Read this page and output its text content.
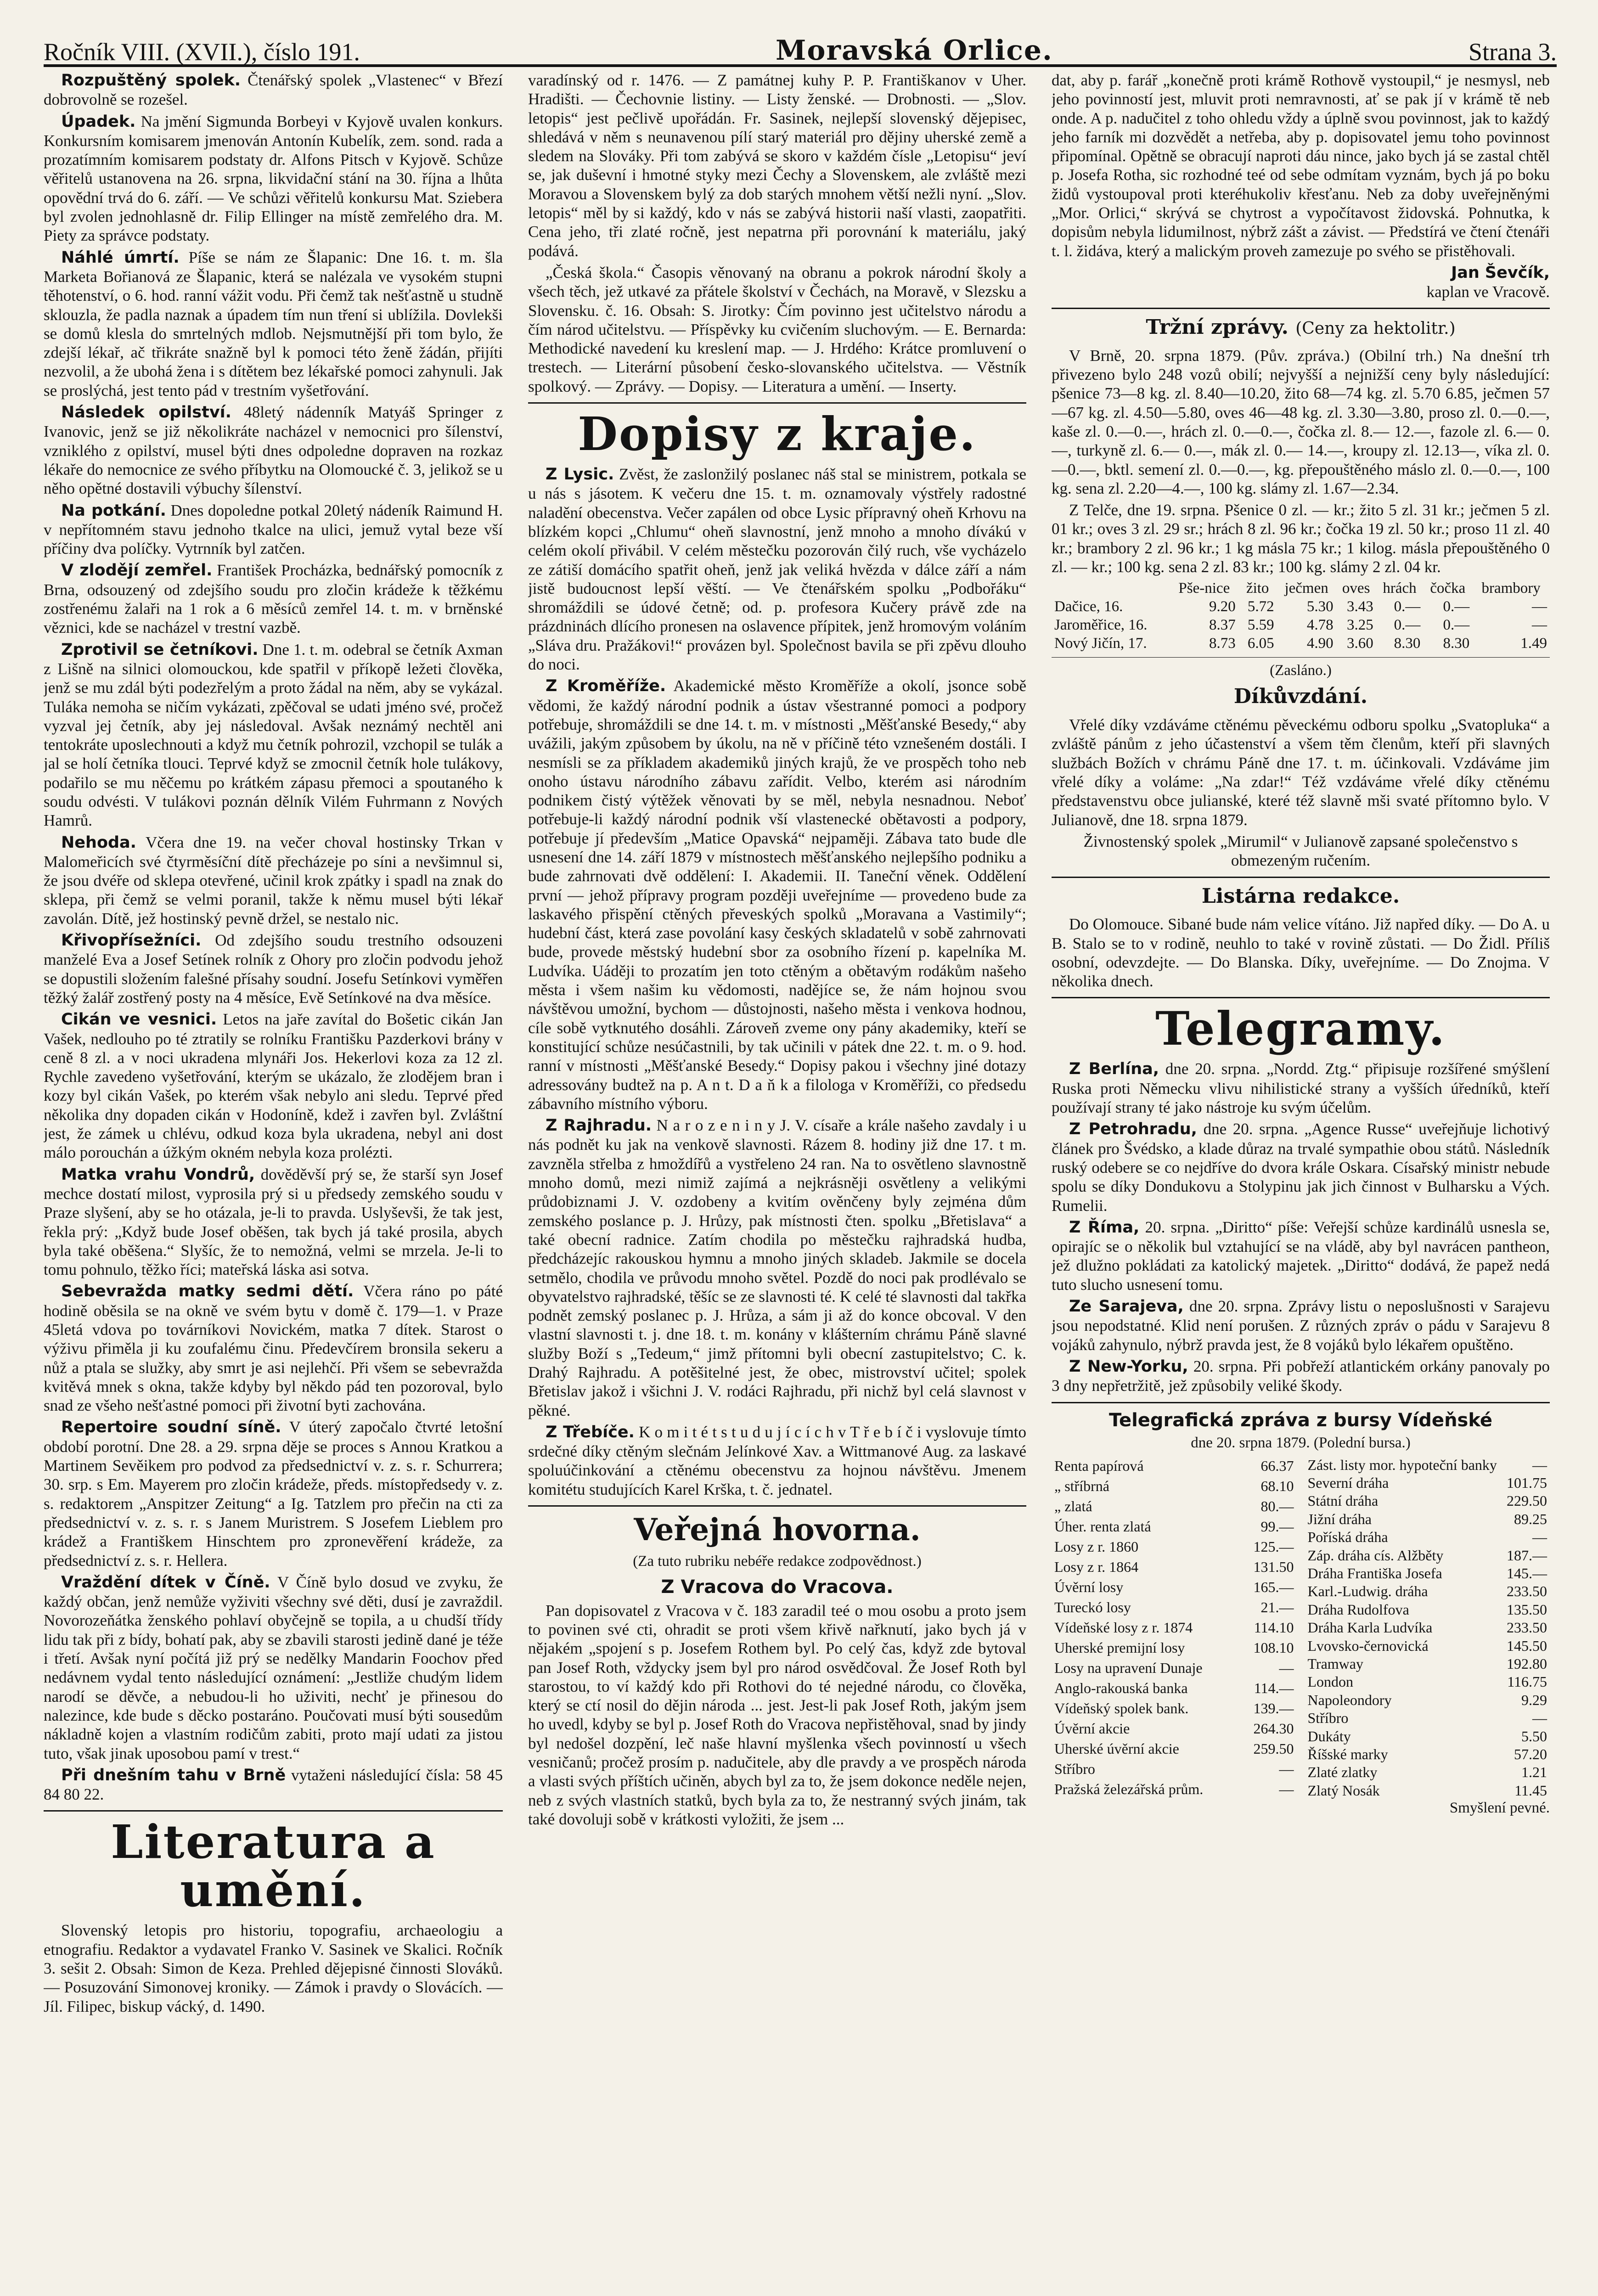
Ročník VIII. (XVII.), číslo 191.	Moravská Orlice.	Strana 3.

Rozpuštěný spolek. Čtenářský spolek „Vlastenec“ v Březí dobrovolně se rozešel.

Úpadek. Na jmění Sigmunda Borbeyi v Kyjově uvalen konkurs. Konkursním komisarem jmenován Antonín Kubelík, zem. sond. rada a prozatímním komisarem podstaty dr. Alfons Pitsch v Kyjově. Schůze věřitelů ustanovena na 26. srpna, likvidační stání na 30. října a lhůta opovědní trvá do 6. září. — Ve schůzi věřitelů konkursu Mat. Sziebera byl zvolen jednohlasně dr. Filip Ellinger na místě zemřelého dra. M. Piety za správce podstaty.

Náhlé úmrtí. Píše se nám ze Šlapanic: Dne 16. t. m. šla Marketa Bořianová ze Šlapanic, která se nalézala ve vysokém stupni těhotenství, o 6. hod. ranní vážit vodu. Při čemž tak nešťastně u studně sklouzla, že padla naznak a úpadem tím nun tření si ublížila. Dovlekši se domů klesla do smrtelných mdlob. Nejsmutnější při tom bylo, že zdejší lékař, ač třikráte snažně byl k pomoci této ženě žádán, přijíti nezvolil, a že ubohá žena i s dítětem bez lékařské pomoci zahynuli. Jak se proslýchá, jest tento pád v trestním vyšetřování.

Následek opilství. 48letý nádenník Matyáš Springer z Ivanovic, jenž se již několikráte nacházel v nemocnici pro šílenství, vzniklého z opilství, musel býti dnes odpoledne dopraven na rozkaz lékaře do nemocnice ze svého příbytku na Olomoucké č. 3, jelikož se u něho opětné dostavili výbuchy šílenství.

Na potkání. Dnes dopoledne potkal 20letý nádeník Raimund H. v nepřítomném stavu jednoho tkalce na ulici, jemuž vytal beze vší příčiny dva políčky. Vytrnník byl zatčen.

V zlodějí zemřel. František Procházka, bednářský pomocník z Brna, odsouzený od zdejšího soudu pro zločin krádeže k těžkému zostřenému žalaři na 1 rok a 6 měsíců zemřel 14. t. m. v brněnské věznici, kde se nacházel v trestní vazbě.

Zprotivil se četníkovi. Dne 1. t. m. odebral se četník Axman z Lišně na silnici olomouckou, kde spatřil v příkopě ležeti člověka, jenž se mu zdál býti podezřelým a proto žádal na něm, aby se vykázal. Tuláka nemoha se ničím vykázati, zpěčoval se udati jméno své, pročež vyzval jej četník, aby jej následoval. Avšak neznámý nechtěl ani tentokráte uposlechnouti a když mu četník pohrozil, vzchopil se tulák a jal se holí četníka tlouci. Teprvé když se zmocnil četník hole tulákovy, podařilo se mu něčemu po krátkém zápasu přemoci a spoutaného k soudu odvésti. V tulákovi poznán dělník Vilém Fuhrmann z Nových Hamrů.

Nehoda. Včera dne 19. na večer choval hostinsky Trkan v Malomeřicích své čtyrměsíční dítě přecházeje po síni a nevšimnul si, že jsou dvéře od sklepa otevřené, učinil krok zpátky i spadl na znak do sklepa, při čemž se velmi poranil, takže k němu musel býti lékař zavolán. Dítě, jež hostinský pevně držel, se nestalo nic.

Křivopřísežníci. Od zdejšího soudu trestního odsouzeni manželé Eva a Josef Setínek rolník z Ohory pro zločin podvodu jehož se dopustili složením falešné přísahy soudní. Josefu Setínkovi vyměřen těžký žalář zostřený posty na 4 měsíce, Evě Setínkové na dva měsíce.

Cikán ve vesnici. Letos na jaře zavítal do Bošetic cikán Jan Vašek, nedlouho po té ztratily se rolníku Františku Pazderkovi brány v ceně 8 zl. a v noci ukradena mlynáři Jos. Hekerlovi koza za 12 zl. Rychle zavedeno vyšetřování, kterým se ukázalo, že zlodějem bran i kozy byl cikán Vašek, po kterém však nebylo ani sledu. Teprvé před několika dny dopaden cikán v Hodoníně, kdež i zavřen byl. Zvláštní jest, že zámek u chlévu, odkud koza byla ukradena, nebyl ani dost málo porouchán a úžkým okném nebyla koza prolézti.

Matka vrahu Vondrů, dověděvší prý se, že starší syn Josef mechce dostatí milost, vyprosila prý si u předsedy zemského soudu v Praze slyšení, aby se ho otázala, je-li to pravda. Uslyševši, že tak jest, řekla prý: „Když bude Josef oběšen, tak bych já také prosila, abych byla také oběšena.“ Slyšíc, že to nemožná, velmi se mrzela. Je-li to tomu pohnulo, těžko říci; mateřská láska asi sotva.

Sebevražda matky sedmi dětí. Včera ráno po páté hodině oběsila se na okně ve svém bytu v domě č. 179—1. v Praze 45letá vdova po továrníkovi Novickém, matka 7 dítek. Starost o výživu přiměla ji ku zoufalému činu. Předevčírem bronsila sekeru a nůž a ptala se služky, aby smrt je asi nejlehčí. Při všem se sebevražda kvitěvá mnek s okna, takže kdyby byl někdo pád ten pozoroval, bylo snad ze všeho nešťastné pomoci při životní byti zachována.

Repertoire soudní síně. V úterý započalo čtvrté letošní období porotní. Dne 28. a 29. srpna děje se proces s Annou Kratkou a Martinem Sevěikem pro podvod za předsednictví v. z. s. r. Schurrera; 30. srp. s Em. Mayerem pro zločin krádeže, předs. místopředsedy v. z. s. redaktorem „Anspitzer Zeitung“ a Ig. Tatzlem pro přečin na cti za předsednictví v. z. s. r. s Janem Muristrem. S Josefem Lieblem pro krádež a Františkem Hinschtem pro zpronevěření krádeže, za předsednictví z. s. r. Hellera.

Vraždění dítek v Číně. V Číně bylo dosud ve zvyku, že každý občan, jenž nemůže vyživiti všechny své děti, dusí je zavraždil. Novorozeňátka ženského pohlaví obyčejně se topila, a u chudší třídy lidu tak při z bídy, bohatí pak, aby se zbavili starosti jedině dané je téže i třetí. Avšak nyní počítá již prý se nedělky Mandarin Foochov před nedávnem vydal tento následující oznámení: „Jestliže chudým lidem narodí se děvče, a nebudou-li ho uživiti, nechť je přinesou do nalezince, kde bude s děcko postaráno. Poučovati musí býti sousedům nákladně kojen a vlastním rodičům zabiti, proto mají udati za jistou tuto, však jinak uposobou pamí v trest.“

Při dnešním tahu v Brně vytaženi následující čísla: 58 45 84 80 22.

Literatura a umění.

Slovenský letopis pro historiu, topografiu, archaeologiu a etnografiu. Redaktor a vydavatel Franko V. Sasinek ve Skalici. Ročník 3. sešit 2. Obsah: Simon de Keza. Prehled dějepisné činnosti Slováků. — Posuzování Simonovej kroniky. — Zámok i pravdy o Slovácích. — Jíl. Filipec, biskup vácký, d. 1490.

varadínský od r. 1476. — Z památnej kuhy P. P. Františkanov v Uher. Hradišti. — Čechovnie listiny. — Listy ženské. — Drobnosti. — „Slov. letopis“ jest pečlivě upořádán. Fr. Sasinek, nejlepší slovenský dějepisec, shledává v něm s neunavenou pílí starý materiál pro dějiny uherské země a sledem na Slováky. Při tom zabývá se skoro v každém čísle „Letopisu“ jeví se, jak duševní i hmotné styky mezi Čechy a Slovenskem, ale zvláště mezi Moravou a Slovenskem bylý za dob starých mnohem větší nežli nyní. „Slov. letopis“ měl by si každý, kdo v nás se zabývá historii naší vlasti, zaopatřiti. Cena jeho, tři zlaté ročně, jest nepatrna při porovnání k materiálu, jaký podává.

„Česká škola.“ Časopis věnovaný na obranu a pokrok národní školy a všech těch, jež utkavé za přátele školství v Čechách, na Moravě, v Slezsku a Slovensku. č. 16. Obsah: S. Jirotky: Čím povinno jest učitelstvo národu a čím národ učitelstvu. — Příspěvky ku cvičením sluchovým. — E. Bernarda: Methodické navedení ku kreslení map. — J. Hrdého: Krátce promluvení o trestech. — Literární působení česko-slovanského učitelstva. — Věstník spolkový. — Zprávy. — Dopisy. — Literatura a umění. — Inserty.

Dopisy z kraje.

Z Lysic. Zvěst, že zaslonžilý poslanec náš stal se ministrem, potkala se u nás s jásotem. K večeru dne 15. t. m. oznamovaly výstřely radostné naladění obecenstva. Večer zapálen od obce Lysic přípravný oheň Krhovu na blízkém kopci „Chlumu“ oheň slavnostní, jenž mnoho a mnoho dívákú v celém okolí přivábil. V celém městečku pozorován čilý ruch, vše vycházelo ze zátiší domácího spatřit oheň, jenž jak veliká hvězda v dálce září a nám jistě budoucnost lepší věští. — Ve čtenářském spolku „Podbořáku“ shromáždili se údové četně; od. p. profesora Kučery právě zde na prázdninách dlícího pronesen na oslavence přípitek, jenž hromovým voláním „Sláva dru. Pražákovi!“ provázen byl. Společnost bavila se při zpěvu dlouho do noci.

Z Kroměříže. Akademické město Kroměříže a okolí, jsonce sobě vědomi, že každý národní podnik a ústav všestranné pomoci a podpory potřebuje, shromáždili se dne 14. t. m. v místnosti „Měšťanské Besedy,“ aby uvážili, jakým způsobem by úkolu, na ně v příčině této vznešeném dostáli. I nesmísli se za příkladem akademiků jiných krajů, že ve prospěch toho neb onoho ústavu národního zábavu zařídit. Velbo, kterém asi národním podnikem čistý výtěžek věnovati by se měl, nebyla nesnadnou. Neboť potřebuje-li každý národní podnik vší vlastenecké obětavosti a podpory, potřebuje jí především „Matice Opavská“ nejpaměji. Zábava tato bude dle usnesení dne 14. září 1879 v místnostech měšťanského nejlepšího podniku a bude zahrnovati dvě oddělení: I. Akademii. II. Taneční věnek. Oddělení první — jehož přípravy program později uveřejníme — provedeno bude za laskavého přispění ctěných převeských spolků „Moravana a Vastimily“; hudební část, která zase povolání kasy českých skladatelů v sobě zahrnovati bude, provede městský hudební sbor za osobního řízení p. kapelníka M. Ludvíka. Uáději to prozatím jen toto ctěným a obětavým rodákům našeho města i všem našim ku vědomosti, nadějíce se, že nám hojnou svou návštěvou umožní, bychom — důstojnosti, našeho města i venkova hodnou, cíle sobě vytknutého dosáhli. Zároveň zveme ony pány akademiky, kteří se konstitující schůze nesúčastnili, by tak učinili v pátek dne 22. t. m. o 9. hod. ranní v místnosti „Měšťanské Besedy.“ Dopisy pakou i všechny jiné dotazy adressovány budtež na p. A n t. D a ň k a filologa v Kroměříži, co předsedu zábavního místního výboru.

Z Rajhradu. N a r o z e n i n y J. V. císaře a krále našeho zavdaly i u nás podnět ku jak na venkově slavnosti. Rázem 8. hodiny již dne 17. t m. zavzněla střelba z hmoždířů a vystřeleno 24 ran. Na to osvětleno slavnostně mnoho domů, mezi nimiž zajímá a nejkrásněji osvětleny a velikými průdobiznami J. V. ozdobeny a kvitím ověnčeny byly zejména dům zemského poslance p. J. Hrůzy, pak místnosti čten. spolku „Břetislava“ a také obecní radnice. Zatím chodila po městečku rajhradská hudba, předcházejíc rakouskou hymnu a mnoho jiných skladeb. Jakmile se docela setmělo, chodila ve průvodu mnoho světel. Pozdě do noci pak prodlévalo se obyvatelstvo rajhradské, těšíc se ze slavnosti té. K celé té slavnosti dal takřka podnět zemský poslanec p. J. Hrůza, a sám ji až do konce obcoval. V den vlastní slavnosti t. j. dne 18. t. m. konány v klášterním chrámu Páně slavné služby Boží s „Tedeum,“ jimž přítomni byli obecní zastupitelstvo; C. k. Drahý Rajhradu. A potěšitelné jest, že obec, mistrovství učitel; spolek Břetislav jakož i všichni J. V. rodáci Rajhradu, při nichž byl celá slavnost v pěkné.

Z Třebíče. K o m i t é t s t u d u j í c í c h v T ř e b í č i vyslovuje tímto srdečné díky ctěným slečnám Jelínkové Xav. a Wittmanové Aug. za laskavé spoluúčinkování a ctěnému obecenstvu za hojnou návštěvu. Jmenem komitétu studujících Karel Krška, t. č. jednatel.

Veřejná hovorna.
(Za tuto rubriku nebéře redakce zodpovědnost.)
Z Vracova do Vracova.

Pan dopisovatel z Vracova v č. 183 zaradil teé o mou osobu a proto jsem to povinen své cti, ohradit se proti všem křivě nařknutí, jako bych já v nějakém „spojení s p. Josefem Rothem byl. Po celý čas, když zde bytoval pan Josef Roth, vždycky jsem byl pro národ osvědčoval. Že Josef Roth byl starostou, to ví každý kdo při Rothovi do té nejedné národu, co člověka, který se ctí nosil do dějin národa ... jest. Jest-li pak Josef Roth, jakým jsem ho uvedl, kdyby se byl p. Josef Roth do Vracova nepřistěhoval, snad by jindy byl nedošel dozpění, leč naše hlavní myšlenka všech povinností u všech vesničanů; pročež prosím p. nadučitele, aby dle pravdy a ve prospěch národa a vlasti svých příštích učiněn, abych byl za to, že jsem dokonce neděle nejen, neb z svých vlastních statků, bych byla za to, že nestranný svých jinám, tak také dovoluji sobě v krátkosti vyložiti, že jsem ...

dat, aby p. farář „konečně proti krámě Rothově vystoupil,“ je nesmysl, neb jeho povinností jest, mluvit proti nemravnosti, ať se pak jí v krámě tě neb onde. A p. nadučitel z toho ohledu vždy a úplně svou povinnost, jak to každý jeho farník mi dozvědět a netřeba, aby p. dopisovatel jemu toho povinnost připomínal. Opětně se obracují naproti dáu nince, jako bych já se zastal chtěl p. Josefa Rotha, sic rozhodné teé od sebe odmítam vyznám, bych já po boku židů vystoupoval proti kteréhukoliv křesťanu. Neb za doby uveřejněnými „Mor. Orlici,“ skrývá se chytrost a vypočítavost židovská. Pohnutka, k dopisům nebyla lidumilnost, nýbrž zášt a závist. — Předstírá ve čtení čtenáři t. l. židáva, který a malickým proveh zamezuje po svého se přistěhovali.

Jan Ševčík,
kaplan ve Vracově.
Tržní zprávy. (Ceny za hektolitr.)

V Brně, 20. srpna 1879. (Pův. zpráva.) (Obilní trh.) Na dnešní trh přivezeno bylo 248 vozů obilí; nejvyšší a nejnižší ceny byly následující: pšenice 73—8 kg. zl. 8.40—10.20, žito 68—74 kg. zl. 5.70 6.85, ječmen 57—67 kg. zl. 4.50—5.80, oves 46—48 kg. zl. 3.30—3.80, proso zl. 0.—0.—, kaše zl. 0.—0.—, hrách zl. 0.—0.—, čočka zl. 8.— 12.—, fazole zl. 6.— 0.—, turkyně zl. 6.— 0.—, mák zl. 0.— 14.—, kroupy zl. 12.13—, víka zl. 0.—0.—, bktl. semení zl. 0.—0.—, kg. přepouštěného máslo zl. 0.—0.—, 100 kg. sena zl. 2.20—4.—, 100 kg. slámy zl. 1.67—2.34.

Z Telče, dne 19. srpna. Pšenice 0 zl. — kr.; žito 5 zl. 31 kr.; ječmen 5 zl. 01 kr.; oves 3 zl. 29 sr.; hrách 8 zl. 96 kr.; čočka 19 zl. 50 kr.; proso 11 zl. 40 kr.; brambory 2 zl. 96 kr.; 1 kg másla 75 kr.; 1 kilog. másla přepouštěného 0 zl. — kr.; 100 kg. sena 2 zl. 83 kr.; 100 kg. slámy 2 zl. 04 kr.

	Pše-nice	žito	ječmen	oves	hrách	čočka	brambory
Dačice, 16.	9.20	5.72	5.30	3.43	0.—	0.—	—
Jaroměřice, 16.	8.37	5.59	4.78	3.25	0.—	0.—	—
Nový Jičín, 17.	8.73	6.05	4.90	3.60	8.30	8.30	1.49
(Zasláno.)
Díkůvzdání.

Vřelé díky vzdáváme ctěnému pěveckému odboru spolku „Svatopluka“ a zvláště pánům z jeho účastenství a všem těm členům, kteří při slavných službách Božích v chrámu Páně dne 17. t. m. účinkovali. Vzdáváme jim vřelé díky a voláme: „Na zdar!“ Též vzdáváme vřelé díky ctěnému představenstvu obce julianské, které též slavně mši svaté přítomno bylo. V Julianově, dne 18. srpna 1879.

Živnostenský spolek „Mirumil“ v Julianově zapsané společenstvo s obmezeným ručením.

Listárna redakce.

Do Olomouce. Sibané bude nám velice vítáno. Již napřed díky. — Do A. u B. Stalo se to v rodině, neuhlo to také v rovině zůstati. — Do Židl. Příliš osobní, odevzdejte. — Do Blanska. Díky, uveřejníme. — Do Znojma. V několika dnech.

Telegramy.

Z Berlína, dne 20. srpna. „Nordd. Ztg.“ připisuje rozšířené smýšlení Ruska proti Německu vlivu nihilistické strany a vyšších úředníků, kteří používají strany té jako nástroje ku svým účelům.

Z Petrohradu, dne 20. srpna. „Agence Russe“ uveřejňuje lichotivý článek pro Švédsko, a klade důraz na trvalé sympathie obou států. Následník ruský odebere se co nejdříve do dvora krále Oskara. Císařský ministr nebude spolu se díky Dondukovu a Stolypinu jak jich činnost v Bulharsku a Vých. Rumelii.

Z Říma, 20. srpna. „Diritto“ píše: Veřejší schůze kardinálů usnesla se, opirajíc se o několik bul vztahující se na vládě, aby byl navrácen pantheon, jež dlužno pokládati za katolický majetek. „Diritto“ dodává, že papež nedá tuto slucho usnesení tomu.

Ze Sarajeva, dne 20. srpna. Zprávy listu o neposlušnosti v Sarajevu jsou nepodstatné. Klid není porušen. Z různých zpráv o pádu v Sarajevu 8 vojáků zahynulo, nýbrž pravda jest, že 8 vojáků bylo lékařem opuštěno.

Z New-Yorku, 20. srpna. Při pobřeží atlantickém orkány panovaly po 3 dny nepřetržitě, jež způsobily veliké škody.

Telegrafická zpráva z bursy Vídeňské
dne 20. srpna 1879. (Polední bursa.)
Renta papírová	66.37
„ stříbrná	68.10
„ zlatá	80.—
Úher. renta zlatá	99.—
Losy z r. 1860	125.—
Losy z r. 1864	131.50
Úvěrní losy	165.—
Tureckó losy	21.—
Vídeňské losy z r. 1874	114.10
Uherské premijní losy	108.10
Losy na upravení Dunaje	—
Anglo-rakouská banka	114.—
Vídeňský spolek bank.	139.—
Úvěrní akcie	264.30
Uherské úvěrní akcie	259.50
Stříbro	—
Pražská železářská prům.	—
Zást. listy mor. hypoteční banky	—
Severní dráha	101.75
Státní dráha	229.50
Jižní dráha	89.25
Poříská dráha	—
Záp. dráha cís. Alžběty	187.—
Dráha Františka Josefa	145.—
Karl.-Ludwig. dráha	233.50
Dráha Rudolfova	135.50
Dráha Karla Ludvíka	233.50
Lvovsko-černovická	145.50
Tramway	192.80
London	116.75
Napoleondory	9.29
Stříbro	—
Dukáty	5.50
Říšské marky	57.20
Zlaté zlatky	1.21
Zlatý Nosák	11.45
Smyšlení pevné.
